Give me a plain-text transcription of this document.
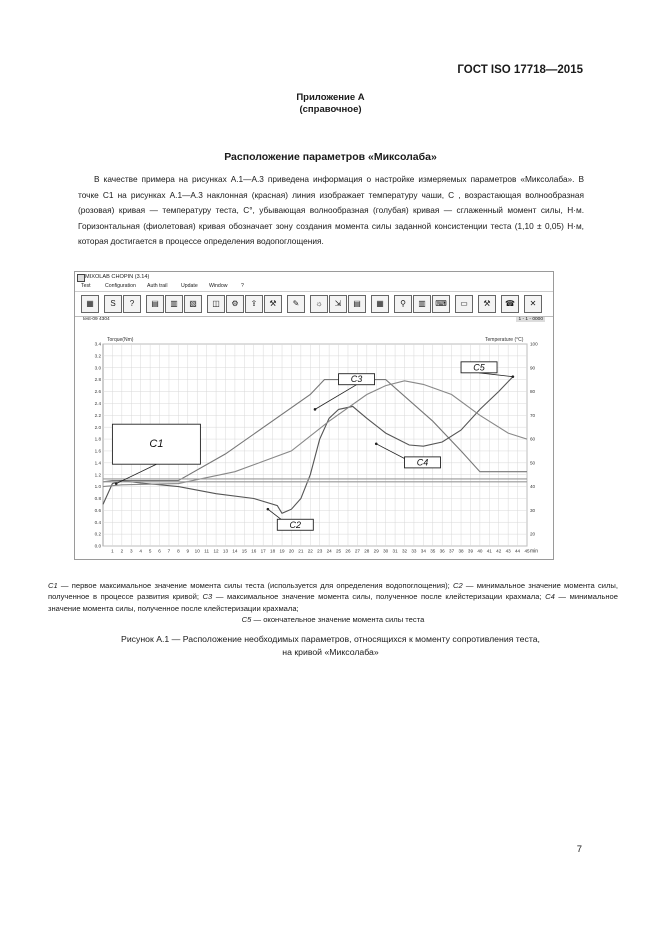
ГОСТ ISO 17718—2015
Приложение А
(справочное)
Расположение параметров «Миксолаба»
В качестве примера на рисунках А.1—А.3 приведена информация о настройке измеряемых параметров «Миксолаба». В точке С1 на рисунках А.1—А.3 наклонная (красная) линия изображает температуру чаши, С , возрастающая волнообразная (розовая) кривая — температуру теста, С°, убывающая волнообразная (голубая) кривая — сглаженный момент силы, Н·м. Горизонтальная (фиолетовая) кривая обозначает зону создания момента силы заданной консистенции теста (1,10 ± 0,05) Н·м, которая достигается в процессе определения водопоглощения.
MIXOLAB CHOPIN (3.14)
Test	Configuration Auth trail	Update Window	?
▦	S	?	▤	▥	▧	◫	⚙	⇪	⚒	✎	☼	⇲	▤	▦	⚲	▥	⌨	▭	⚒	☎	✕
test-09 4304	1 - 1 - 0000
0.0
0.2
0.4
0.6
0.8
1.0
1.2
1.4
1.6
1.8
2.0
2.2
2.4
2.6
2.8
3.0
3.2
3.4
1 2 3 4 5 6 7 8 9 10 11 12 13 14 15 16 17 18 19 20 21 22 23 24 25 26 27 28 29 30 31 32 33 34 35 36 37 38 39 40 41 42 43 44 45
20
30
40
50
60
70
80
90
100
C1
C2
C3
C4
C5
Torque(Nm)	Temperature (°C)
min
С1 — первое максимальное значение момента силы теста (используется для определения водопоглощения); С2 — минимальное значение момента силы, полученное в процессе развития кривой; С3 — максимальное значение момента силы, полученное после клейстеризации крахмала; С4 — минимальное значение момента силы, полученное после клейстеризации крахмала;
С5 — окончательное значение момента силы теста
Рисунок А.1 — Расположение необходимых параметров, относящихся к моменту сопротивления теста,
на кривой «Миксолаба»
7
